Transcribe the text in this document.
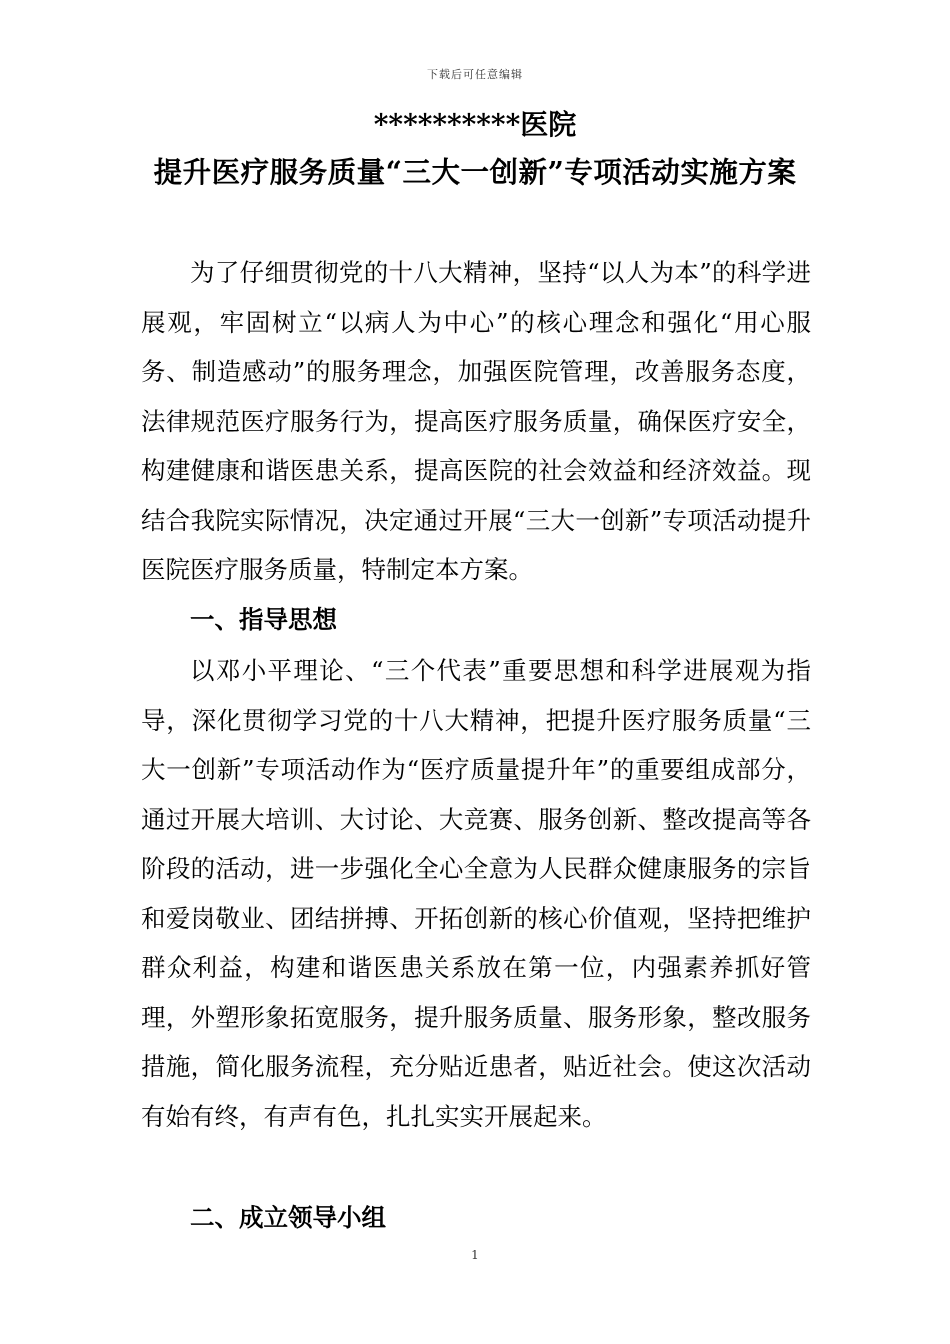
下载后可任意编辑
**********医院
提升医疗服务质量“三大一创新”专项活动实施方案
为了仔细贯彻党的十八大精神，坚持“以人为本”的科学进展观，牢固树立“以病人为中心”的核心理念和强化“用心服务、制造感动”的服务理念，加强医院管理，改善服务态度，法律规范医疗服务行为，提高医疗服务质量，确保医疗安全，构建健康和谐医患关系，提高医院的社会效益和经济效益。现结合我院实际情况，决定通过开展“三大一创新”专项活动提升医院医疗服务质量，特制定本方案。
一、指导思想
以邓小平理论、“三个代表”重要思想和科学进展观为指导，深化贯彻学习党的十八大精神，把提升医疗服务质量“三大一创新”专项活动作为“医疗质量提升年”的重要组成部分，通过开展大培训、大讨论、大竞赛、服务创新、整改提高等各阶段的活动，进一步强化全心全意为人民群众健康服务的宗旨和爱岗敬业、团结拼搏、开拓创新的核心价值观，坚持把维护群众利益，构建和谐医患关系放在第一位，内强素养抓好管理，外塑形象拓宽服务，提升服务质量、服务形象，整改服务措施，简化服务流程，充分贴近患者，贴近社会。使这次活动有始有终，有声有色，扎扎实实开展起来。
二、成立领导小组
1
